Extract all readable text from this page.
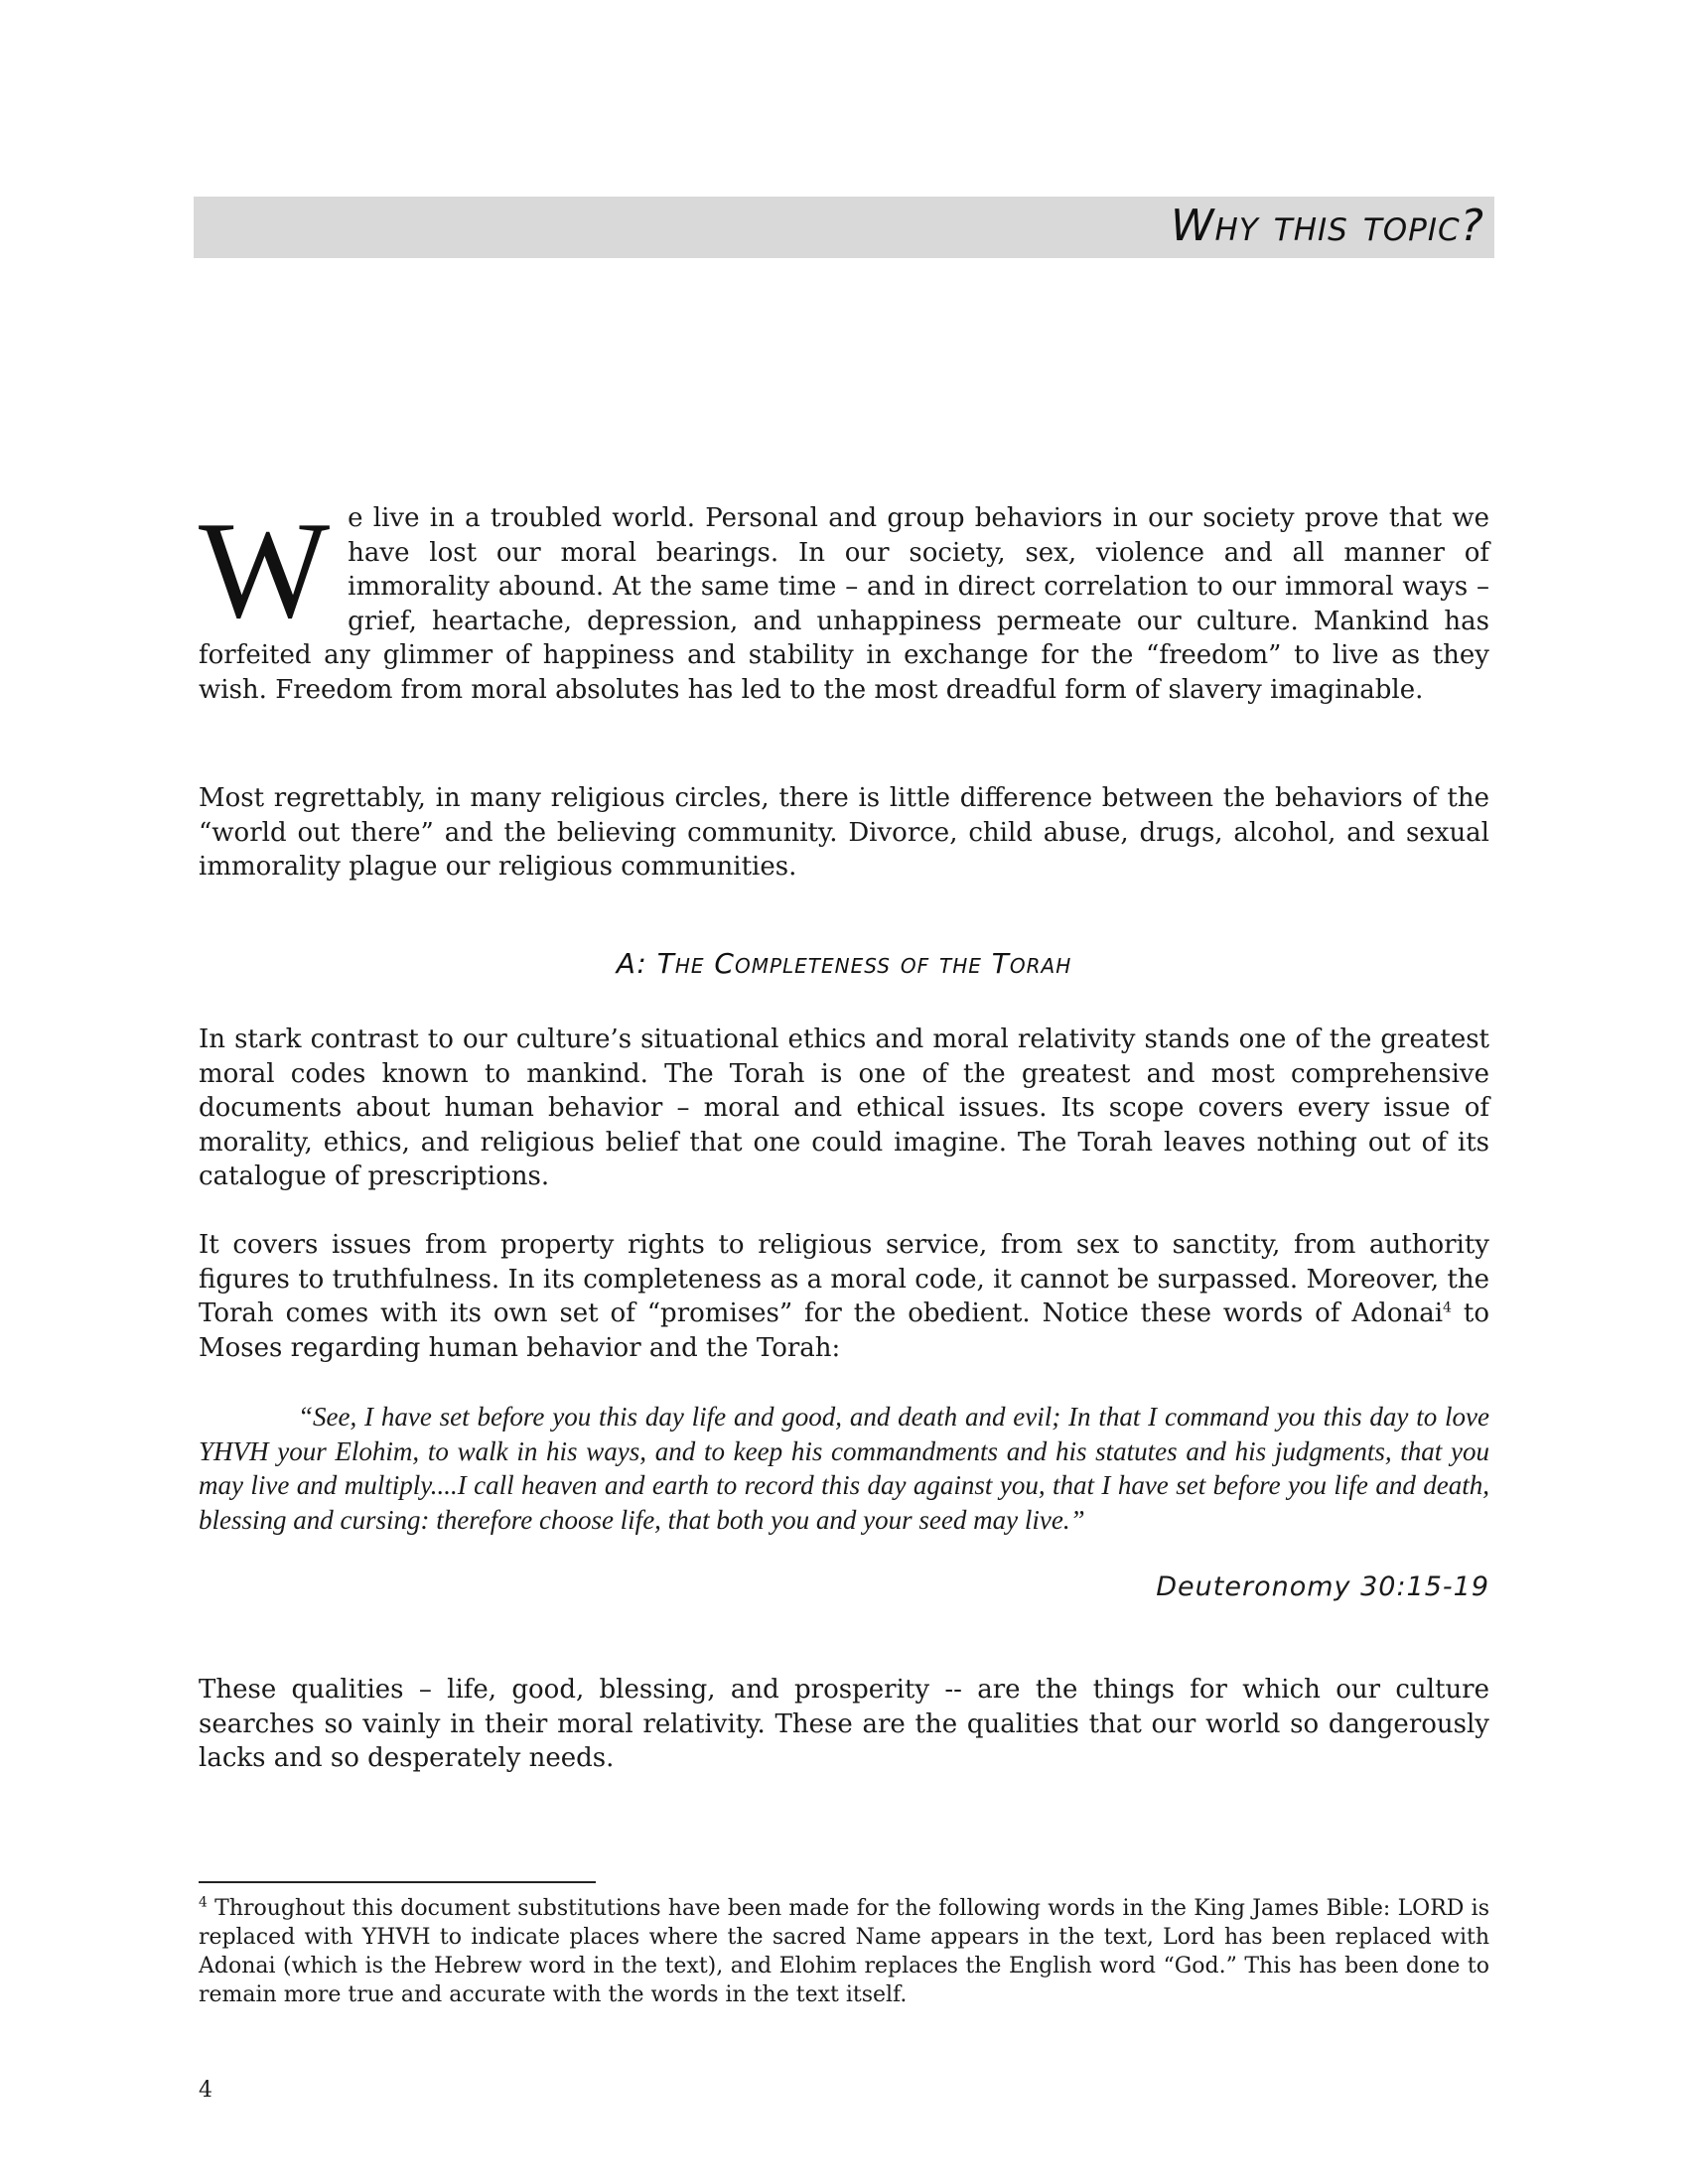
Why this topic?

We live in a troubled world. Personal and group behaviors in our society prove that we have lost our moral bearings. In our society, sex, violence and all manner of immorality abound. At the same time – and in direct correlation to our immoral ways – grief, heartache, depression, and unhappiness permeate our culture. Mankind has forfeited any glimmer of happiness and stability in exchange for the “freedom” to live as they wish. Freedom from moral absolutes has led to the most dreadful form of slavery imaginable.

Most regrettably, in many religious circles, there is little difference between the behaviors of the “world out there” and the believing community. Divorce, child abuse, drugs, alcohol, and sexual immorality plague our religious communities.

A: The Completeness of the Torah

In stark contrast to our culture’s situational ethics and moral relativity stands one of the greatest moral codes known to mankind. The Torah is one of the greatest and most comprehensive documents about human behavior – moral and ethical issues. Its scope covers every issue of morality, ethics, and religious belief that one could imagine. The Torah leaves nothing out of its catalogue of prescriptions.

It covers issues from property rights to religious service, from sex to sanctity, from authority figures to truthfulness. In its completeness as a moral code, it cannot be surpassed. Moreover, the Torah comes with its own set of “promises” for the obedient. Notice these words of Adonai$^4$ to Moses regarding human behavior and the Torah:

“See, I have set before you this day life and good, and death and evil; In that I command you this day to love YHVH your Elohim, to walk in his ways, and to keep his commandments and his statutes and his judgments, that you may live and multiply....I call heaven and earth to record this day against you, that I have set before you life and death, blessing and cursing: therefore choose life, that both you and your seed may live.”

Deuteronomy 30:15-19

These qualities – life, good, blessing, and prosperity -- are the things for which our culture searches so vainly in their moral relativity. These are the qualities that our world so dangerously lacks and so desperately needs.

$^4$ Throughout this document substitutions have been made for the following words in the King James Bible: LORD is replaced with YHVH to indicate places where the sacred Name appears in the text, Lord has been replaced with Adonai (which is the Hebrew word in the text), and Elohim replaces the English word “God.” This has been done to remain more true and accurate with the words in the text itself.

4
